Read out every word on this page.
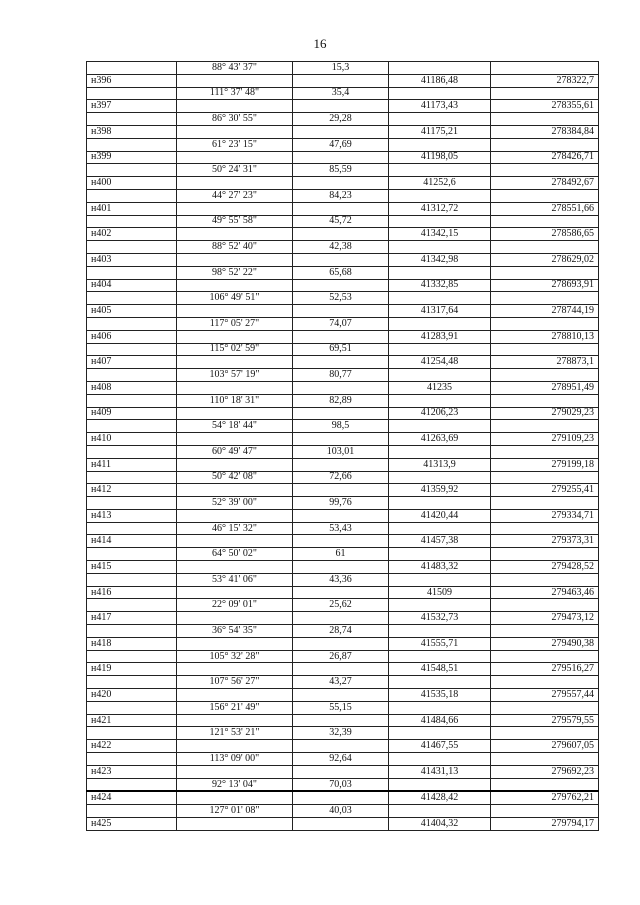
16
	88° 43' 37"	15,3		
н396			41186,48	278322,7
	111° 37' 48"	35,4		
н397			41173,43	278355,61
	86° 30' 55"	29,28		
н398			41175,21	278384,84
	61° 23' 15"	47,69		
н399			41198,05	278426,71
	50° 24' 31"	85,59		
н400			41252,6	278492,67
	44° 27' 23"	84,23		
н401			41312,72	278551,66
	49° 55' 58"	45,72		
н402			41342,15	278586,65
	88° 52' 40"	42,38		
н403			41342,98	278629,02
	98° 52' 22"	65,68		
н404			41332,85	278693,91
	106° 49' 51"	52,53		
н405			41317,64	278744,19
	117° 05' 27"	74,07		
н406			41283,91	278810,13
	115° 02' 59"	69,51		
н407			41254,48	278873,1
	103° 57' 19"	80,77		
н408			41235	278951,49
	110° 18' 31"	82,89		
н409			41206,23	279029,23
	54° 18' 44"	98,5		
н410			41263,69	279109,23
	60° 49' 47"	103,01		
н411			41313,9	279199,18
	50° 42' 08"	72,66		
н412			41359,92	279255,41
	52° 39' 00"	99,76		
н413			41420,44	279334,71
	46° 15' 32"	53,43		
н414			41457,38	279373,31
	64° 50' 02"	61		
н415			41483,32	279428,52
	53° 41' 06"	43,36		
н416			41509	279463,46
	22° 09' 01"	25,62		
н417			41532,73	279473,12
	36° 54' 35"	28,74		
н418			41555,71	279490,38
	105° 32' 28"	26,87		
н419			41548,51	279516,27
	107° 56' 27"	43,27		
н420			41535,18	279557,44
	156° 21' 49"	55,15		
н421			41484,66	279579,55
	121° 53' 21"	32,39		
н422			41467,55	279607,05
	113° 09' 00"	92,64		
н423			41431,13	279692,23
	92° 13' 04"	70,03		
н424			41428,42	279762,21
	127° 01' 08"	40,03		
н425			41404,32	279794,17
